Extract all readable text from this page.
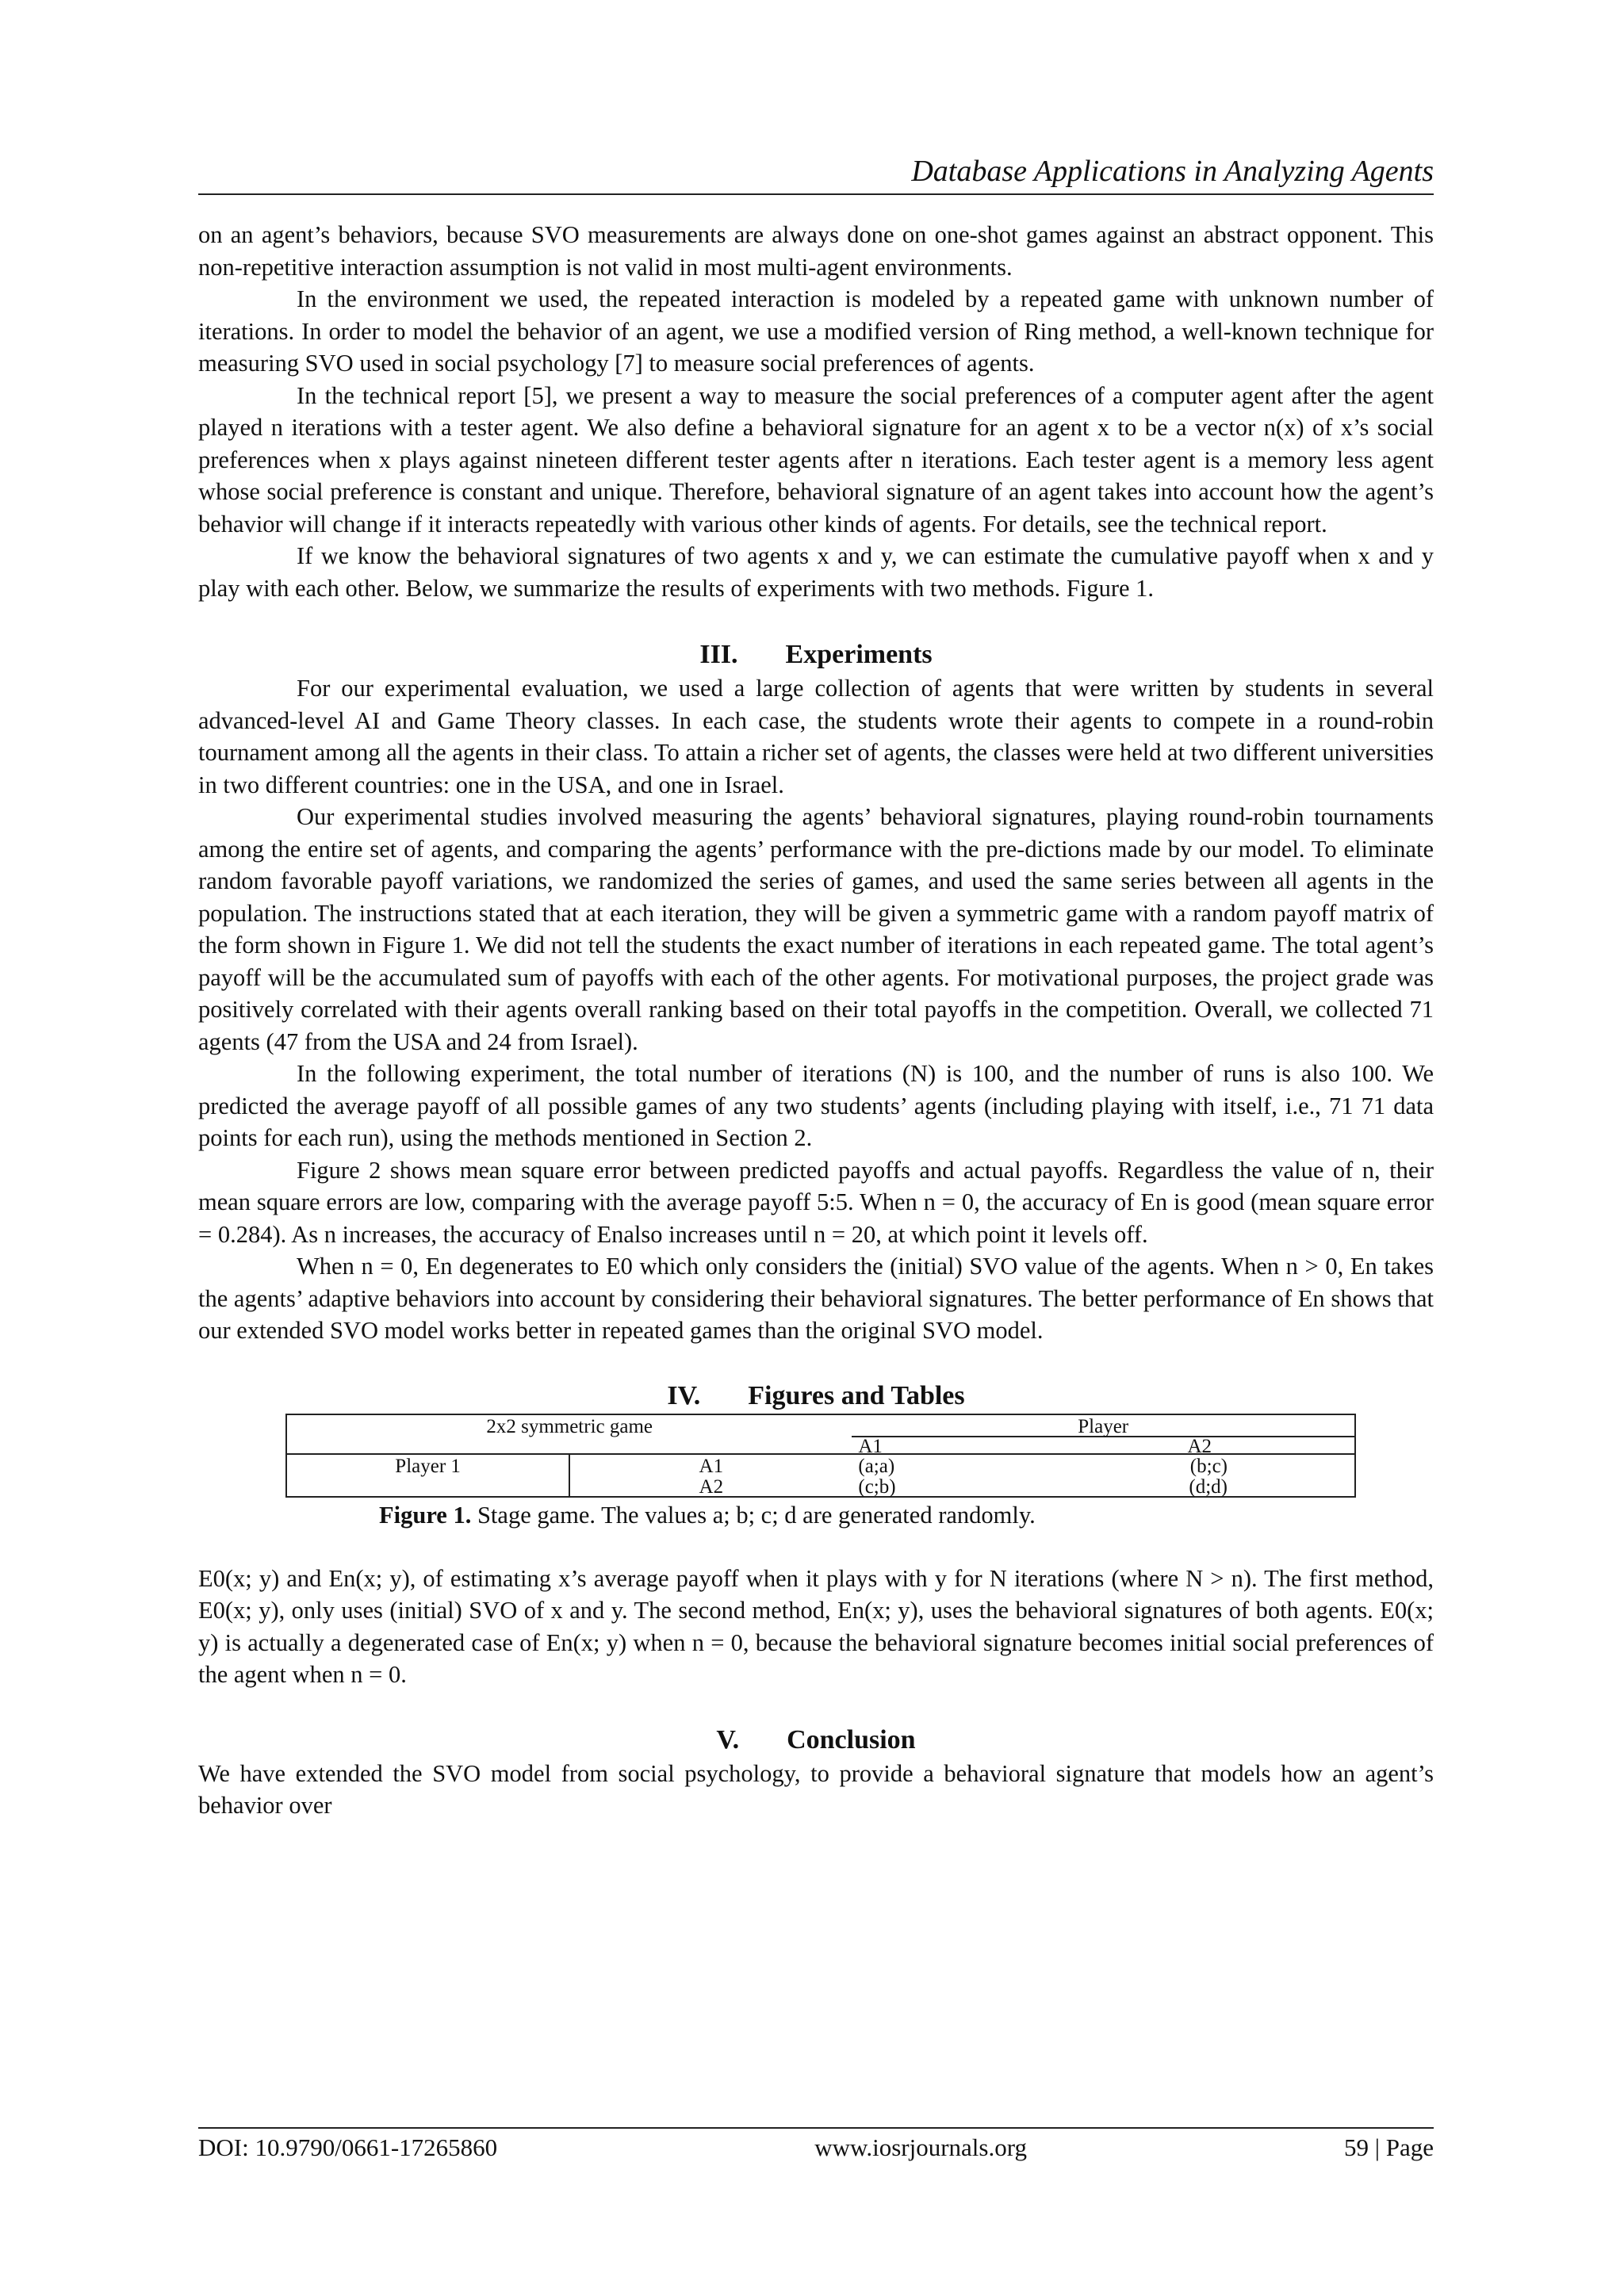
Database Applications in Analyzing Agents

on an agent’s behaviors, because SVO measurements are always done on one-shot games against an abstract opponent. This non-repetitive interaction assumption is not valid in most multi-agent environments.

In the environment we used, the repeated interaction is modeled by a repeated game with unknown number of iterations. In order to model the behavior of an agent, we use a modified version of Ring method, a well-known technique for measuring SVO used in social psychology [7] to measure social preferences of agents.

In the technical report [5], we present a way to measure the social preferences of a computer agent after the agent played n iterations with a tester agent. We also define a behavioral signature for an agent x to be a vector n(x) of x’s social preferences when x plays against nineteen different tester agents after n iterations. Each tester agent is a memory less agent whose social preference is constant and unique. Therefore, behavioral signature of an agent takes into account how the agent’s behavior will change if it interacts repeatedly with various other kinds of agents. For details, see the technical report.

If we know the behavioral signatures of two agents x and y, we can estimate the cumulative payoff when x and y play with each other. Below, we summarize the results of experiments with two methods. Figure 1.

III. Experiments

For our experimental evaluation, we used a large collection of agents that were written by students in several advanced-level AI and Game Theory classes. In each case, the students wrote their agents to compete in a round-robin tournament among all the agents in their class. To attain a richer set of agents, the classes were held at two different universities in two different countries: one in the USA, and one in Israel.

Our experimental studies involved measuring the agents’ behavioral signatures, playing round-robin tournaments among the entire set of agents, and comparing the agents’ performance with the pre-dictions made by our model. To eliminate random favorable payoff variations, we randomized the series of games, and used the same series between all agents in the population. The instructions stated that at each iteration, they will be given a symmetric game with a random payoff matrix of the form shown in Figure 1. We did not tell the students the exact number of iterations in each repeated game. The total agent’s payoff will be the accumulated sum of payoffs with each of the other agents. For motivational purposes, the project grade was positively correlated with their agents overall ranking based on their total payoffs in the competition. Overall, we collected 71 agents (47 from the USA and 24 from Israel).

In the following experiment, the total number of iterations (N) is 100, and the number of runs is also 100. We predicted the average payoff of all possible games of any two students’ agents (including playing with itself, i.e., 71 71 data points for each run), using the methods mentioned in Section 2.

Figure 2 shows mean square error between predicted payoffs and actual payoffs. Regardless the value of n, their mean square errors are low, comparing with the average payoff 5:5. When n = 0, the accuracy of En is good (mean square error = 0.284). As n increases, the accuracy of Enalso increases until n = 20, at which point it levels off.

When n = 0, En degenerates to E0 which only considers the (initial) SVO value of the agents. When n > 0, En takes the agents’ adaptive behaviors into account by considering their behavioral signatures. The better performance of En shows that our extended SVO model works better in repeated games than the original SVO model.

IV. Figures and Tables
2x2 symmetric game		Player	
		A1	A2
Player 1	A1	(a;a)	(b;c)
	A2	(c;b)	(d;d)
Figure 1. Stage game. The values a; b; c; d are generated randomly.

E0(x; y) and En(x; y), of estimating x’s average payoff when it plays with y for N iterations (where N > n). The first method, E0(x; y), only uses (initial) SVO of x and y. The second method, En(x; y), uses the behavioral signatures of both agents. E0(x; y) is actually a degenerated case of En(x; y) when n = 0, because the behavioral signature becomes initial social preferences of the agent when n = 0.

V. Conclusion

We have extended the SVO model from social psychology, to provide a behavioral signature that models how an agent’s behavior over

DOI: 10.9790/0661-17265860	www.iosrjournals.org	59 | Page
